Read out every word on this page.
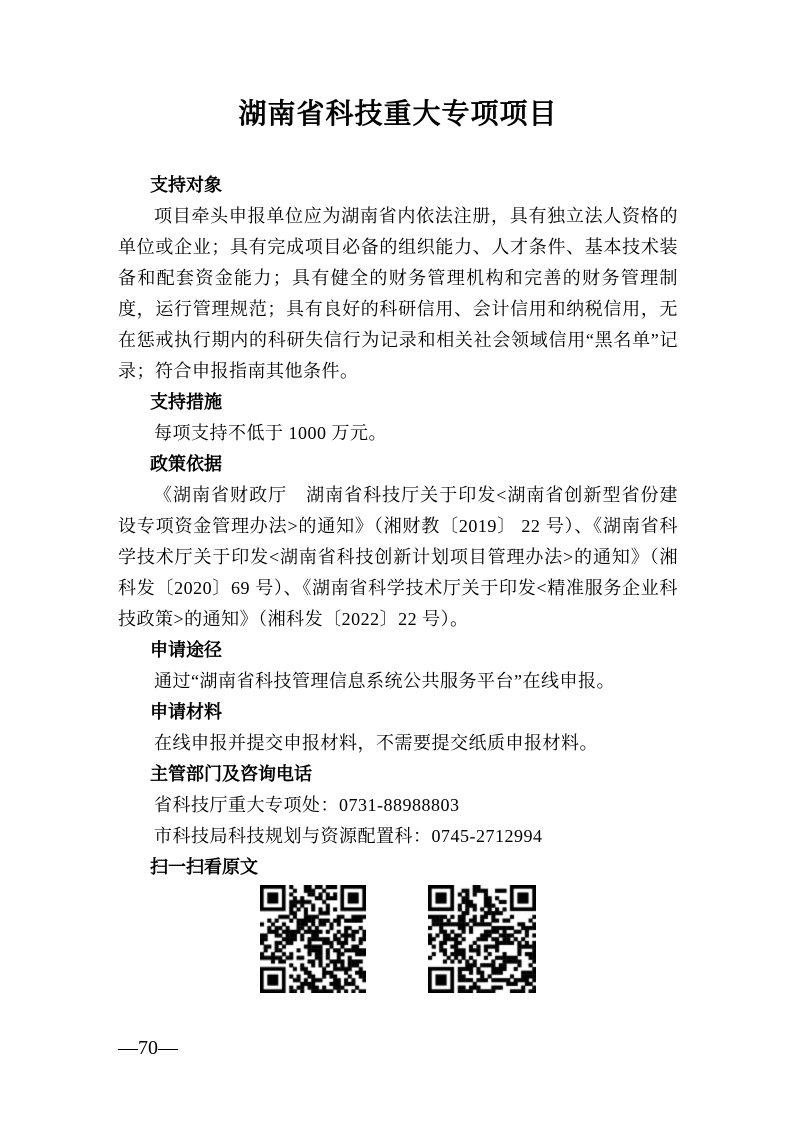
湖南省科技重大专项项目
支持对象

项目牵头申报单位应为湖南省内依法注册，具有独立法人资格的单位或企业；具有完成项目必备的组织能力、人才条件、基本技术装备和配套资金能力；具有健全的财务管理机构和完善的财务管理制度，运行管理规范；具有良好的科研信用、会计信用和纳税信用，无在惩戒执行期内的科研失信行为记录和相关社会领域信用“黑名单”记录；符合申报指南其他条件。

支持措施

每项支持不低于 1000 万元。

政策依据

《湖南省财政厅　湖南省科技厅关于印发<湖南省创新型省份建设专项资金管理办法>的通知》（湘财教〔2019〕 22 号）、《湖南省科学技术厅关于印发<湖南省科技创新计划项目管理办法>的通知》（湘科发〔2020〕69 号）、《湖南省科学技术厅关于印发<精准服务企业科技政策>的通知》（湘科发〔2022〕22 号）。

申请途径

通过“湖南省科技管理信息系统公共服务平台”在线申报。

申请材料

在线申报并提交申报材料，不需要提交纸质申报材料。

主管部门及咨询电话

省科技厅重大专项处：0731-88988803

市科技局科技规划与资源配置科：0745-2712994

扫一扫看原文
—70—
